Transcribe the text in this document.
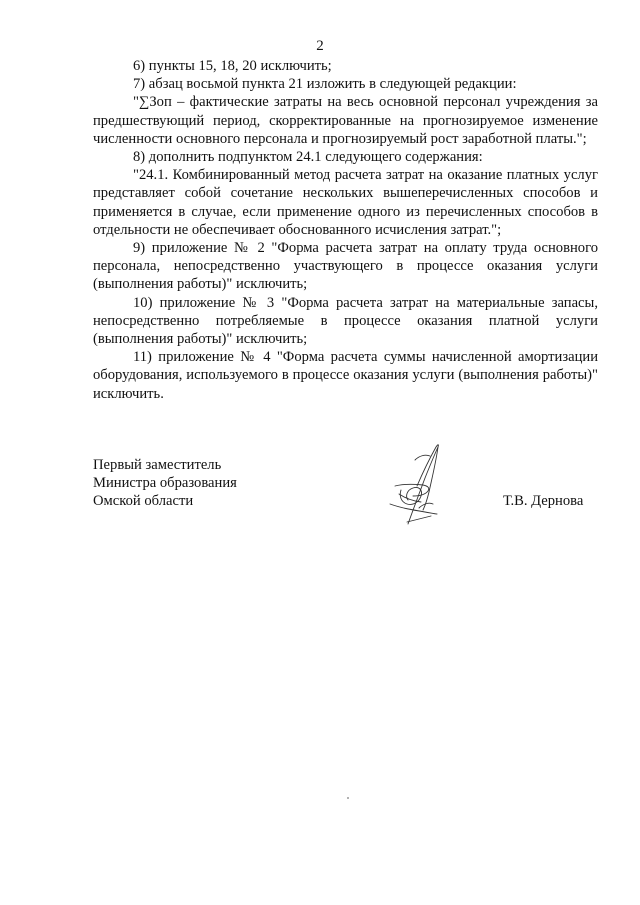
2

6) пункты 15, 18, 20 исключить;

7) абзац восьмой пункта 21 изложить в следующей редакции:

"∑Зоп – фактические затраты на весь основной персонал учреждения за предшествующий период, скорректированные на прогнозируемое изменение численности основного персонала и прогнозируемый рост заработной платы.";

8) дополнить подпунктом 24.1 следующего содержания:

"24.1. Комбинированный метод расчета затрат на оказание платных услуг представляет собой сочетание нескольких вышеперечисленных способов и применяется в случае, если применение одного из перечисленных способов в отдельности не обеспечивает обоснованного исчисления затрат.";

9) приложение № 2 "Форма расчета затрат на оплату труда основного персонала, непосредственно участвующего в процессе оказания услуги (выполнения работы)" исключить;

10) приложение № 3 "Форма расчета затрат на материальные запасы, непосредственно потребляемые в процессе оказания платной услуги (выполнения работы)" исключить;

11) приложение № 4 "Форма расчета суммы начисленной амортизации оборудования, используемого в процессе оказания услуги (выполнения работы)" исключить.

Первый заместитель
Министра образования
Омской области	Т.В. Дернова
